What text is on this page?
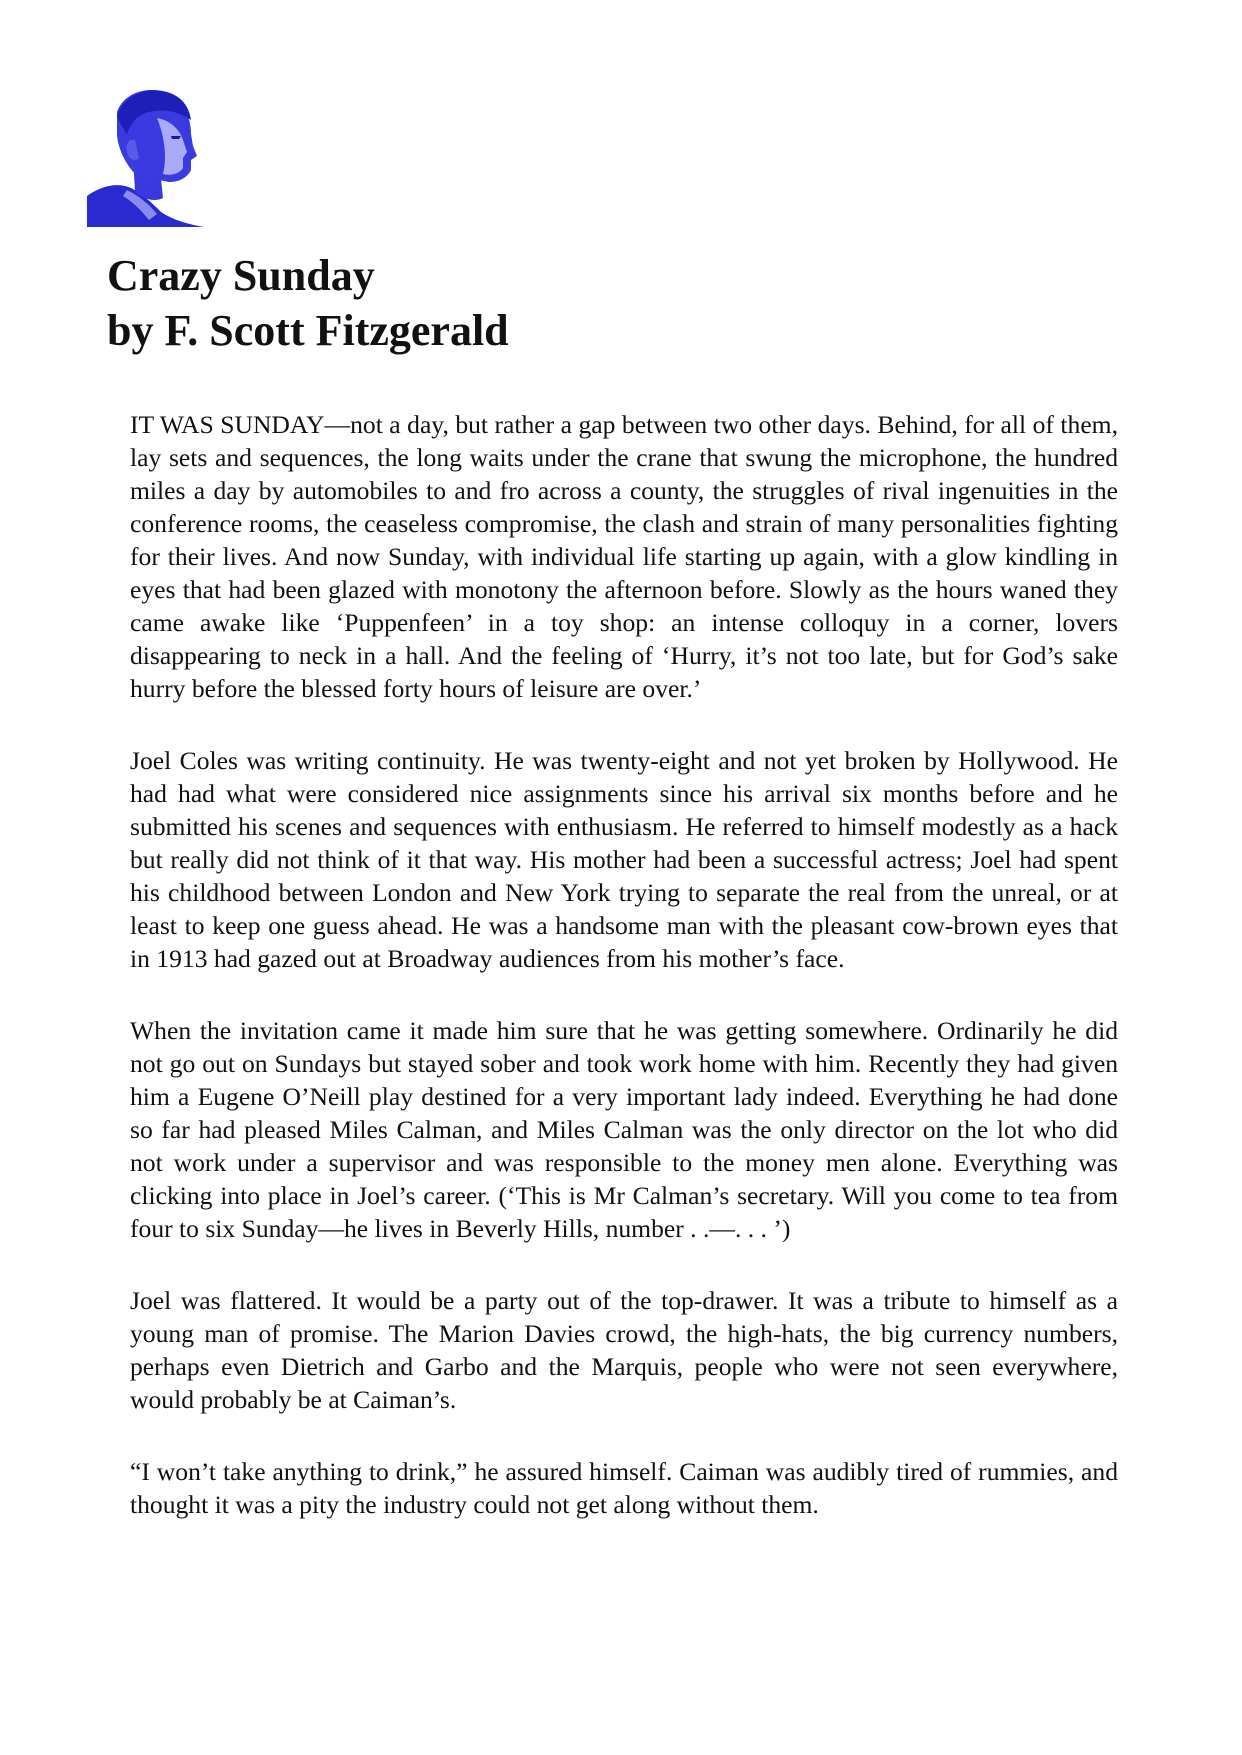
Crazy Sunday
by F. Scott Fitzgerald

IT WAS SUNDAY—not a day, but rather a gap between two other days. Behind, for all of them, lay sets and sequences, the long waits under the crane that swung the microphone, the hundred miles a day by automobiles to and fro across a county, the struggles of rival ingenuities in the conference rooms, the ceaseless compromise, the clash and strain of many personalities fighting for their lives. And now Sunday, with individual life starting up again, with a glow kindling in eyes that had been glazed with monotony the afternoon before. Slowly as the hours waned they came awake like ‘Puppenfeen’ in a toy shop: an intense colloquy in a corner, lovers disappearing to neck in a hall. And the feeling of ‘Hurry, it’s not too late, but for God’s sake hurry before the blessed forty hours of leisure are over.’

Joel Coles was writing continuity. He was twenty-eight and not yet broken by Hollywood. He had had what were considered nice assignments since his arrival six months before and he submitted his scenes and sequences with enthusiasm. He referred to himself modestly as a hack but really did not think of it that way. His mother had been a successful actress; Joel had spent his childhood between London and New York trying to separate the real from the unreal, or at least to keep one guess ahead. He was a handsome man with the pleasant cow-brown eyes that in 1913 had gazed out at Broadway audiences from his mother’s face.

When the invitation came it made him sure that he was getting somewhere. Ordinarily he did not go out on Sundays but stayed sober and took work home with him. Recently they had given him a Eugene O’Neill play destined for a very important lady indeed. Everything he had done so far had pleased Miles Calman, and Miles Calman was the only director on the lot who did not work under a supervisor and was responsible to the money men alone. Everything was clicking into place in Joel’s career. (‘This is Mr Calman’s secretary. Will you come to tea from four to six Sunday—he lives in Beverly Hills, number . .—. . . ’)

Joel was flattered. It would be a party out of the top-drawer. It was a tribute to himself as a young man of promise. The Marion Davies crowd, the high-hats, the big currency numbers, perhaps even Dietrich and Garbo and the Marquis, people who were not seen everywhere, would probably be at Caiman’s.

“I won’t take anything to drink,” he assured himself. Caiman was audibly tired of rummies, and thought it was a pity the industry could not get along without them.
